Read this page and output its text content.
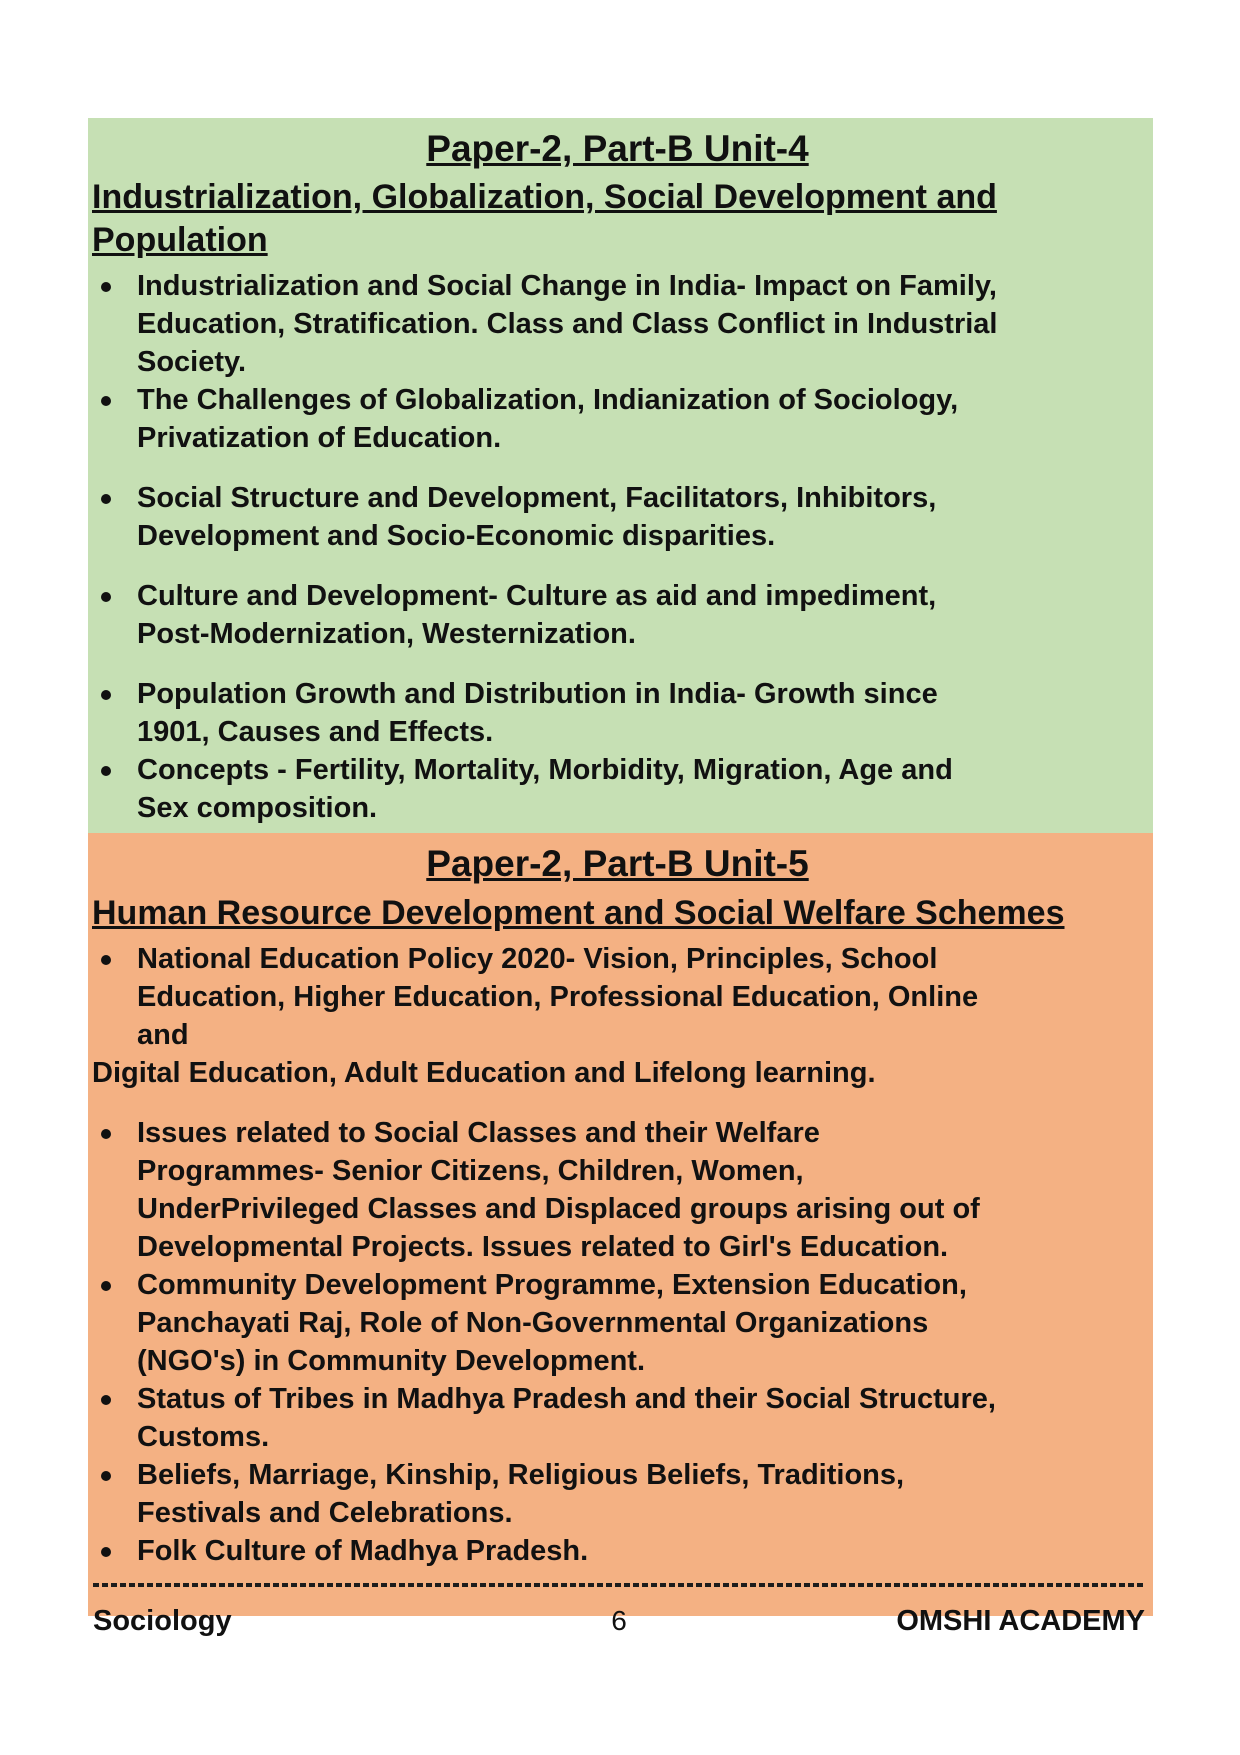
Paper-2, Part-B Unit-4
Industrialization, Globalization, Social Development and Population
Industrialization and Social Change in India- Impact on Family, Education, Stratification. Class and Class Conflict in Industrial Society.
The Challenges of Globalization, Indianization of Sociology, Privatization of Education.
Social Structure and Development, Facilitators, Inhibitors, Development and Socio-Economic disparities.
Culture and Development- Culture as aid and impediment, Post-Modernization, Westernization.
Population Growth and Distribution in India- Growth since 1901, Causes and Effects.
Concepts - Fertility, Mortality, Morbidity, Migration, Age and Sex composition.
Paper-2, Part-B Unit-5
Human Resource Development and Social Welfare Schemes
National Education Policy 2020- Vision, Principles, School Education, Higher Education, Professional Education, Online and
Digital Education, Adult Education and Lifelong learning.
Issues related to Social Classes and their Welfare Programmes- Senior Citizens, Children, Women, UnderPrivileged Classes and Displaced groups arising out of Developmental Projects. Issues related to Girl's Education.
Community Development Programme, Extension Education, Panchayati Raj, Role of Non-Governmental Organizations (NGO's) in Community Development.
Status of Tribes in Madhya Pradesh and their Social Structure, Customs.
Beliefs, Marriage, Kinship, Religious Beliefs, Traditions, Festivals and Celebrations.
Folk Culture of Madhya Pradesh.
Sociology	6	OMSHI ACADEMY
